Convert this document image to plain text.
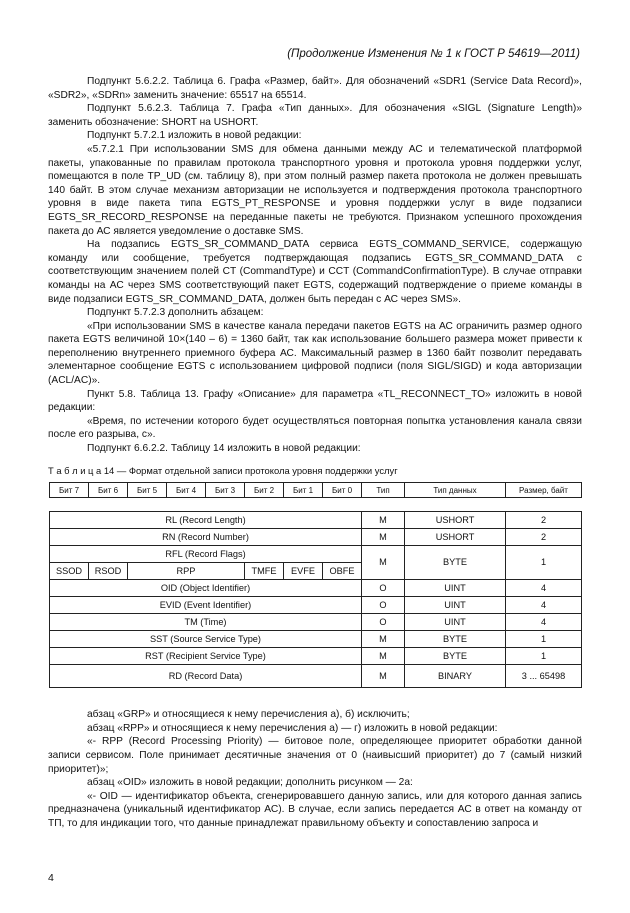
(Продолжение Изменения № 1 к ГОСТ Р 54619—2011)

Подпункт 5.6.2.2. Таблица 6. Графа «Размер, байт». Для обозначений «SDR1 (Service Data Record)», «SDR2», «SDRn» заменить значение: 65517 на 65514.

Подпункт 5.6.2.3. Таблица 7. Графа «Тип данных». Для обозначения «SIGL (Signature Length)» заменить обозначение: SHORT на USHORT.

Подпункт 5.7.2.1 изложить в новой редакции:

«5.7.2.1 При использовании SMS для обмена данными между АС и телематической платформой пакеты, упакованные по правилам протокола транспортного уровня и протокола уровня поддержки услуг, помещаются в поле TP_UD (см. таблицу 8), при этом полный размер пакета протокола не должен превышать 140 байт. В этом случае механизм авторизации не используется и подтверждения протокола транспортного уровня в виде пакета типа EGTS_PT_RESPONSE и уровня поддержки услуг в виде подзаписи EGTS_SR_RECORD_RESPONSE на переданные пакеты не требуются. Признаком успешного прохождения пакета до АС является уведомление о доставке SMS.

На подзапись EGTS_SR_COMMAND_DATA сервиса EGTS_COMMAND_SERVICE, содержащую команду или сообщение, требуется подтверждающая подзапись EGTS_SR_COMMAND_DATA с соответствующим значением полей CT (CommandType) и CCT (CommandConfirmationType). В случае отправки команды на АС через SMS соответствующий пакет EGTS, содержащий подтверждение о приеме команды в виде подзаписи EGTS_SR_COMMAND_DATA, должен быть передан с АС через SMS».

Подпункт 5.7.2.3 дополнить абзацем:

«При использовании SMS в качестве канала передачи пакетов EGTS на АС ограничить размер одного пакета EGTS величиной 10×(140 – 6) = 1360 байт, так как использование большего размера может привести к переполнению внутреннего приемного буфера АС. Максимальный размер в 1360 байт позволит передавать элементарное сообщение EGTS с использованием цифровой подписи (поля SIGL/SIGD) и кода авторизации (ACL/AC)».

Пункт 5.8. Таблица 13. Графу «Описание» для параметра «TL_RECONNECT_TO» изложить в новой редакции:

«Время, по истечении которого будет осуществляться повторная попытка установления канала связи после его разрыва, с».

Подпункт 6.6.2.2. Таблицу 14 изложить в новой редакции:

Т а б л и ц а 14 — Формат отдельной записи протокола уровня поддержки услуг

Бит 7	Бит 6	Бит 5	Бит 4	Бит 3	Бит 2	Бит 1	Бит 0	Тип	Тип данных	Размер, байт

RL (Record Length)								M	USHORT	2
RN (Record Number)								M	USHORT	2
RFL (Record Flags)								M	BYTE	1
SSOD	RSOD	RPP			TMFE	EVFE	OBFE			
OID (Object Identifier)								O	UINT	4
EVID (Event Identifier)								O	UINT	4
TM (Time)								O	UINT	4
SST (Source Service Type)								M	BYTE	1
RST (Recipient Service Type)								M	BYTE	1
RD (Record Data)								M	BINARY	3 ... 65498

абзац «GRP» и относящиеся к нему перечисления а), б) исключить;

абзац «RPP» и относящиеся к нему перечисления а) — г) изложить в новой редакции:

«- RPP (Record Processing Priority) — битовое поле, определяющее приоритет обработки данной записи сервисом. Поле принимает десятичные значения от 0 (наивысший приоритет) до 7 (самый низкий приоритет)»;

абзац «OID» изложить в новой редакции; дополнить рисунком — 2а:

«- OID — идентификатор объекта, сгенерировавшего данную запись, или для которого данная запись предназначена (уникальный идентификатор АС). В случае, если запись передается АС в ответ на команду от ТП, то для индикации того, что данные принадлежат правильному объекту и сопоставлению запроса и

4
